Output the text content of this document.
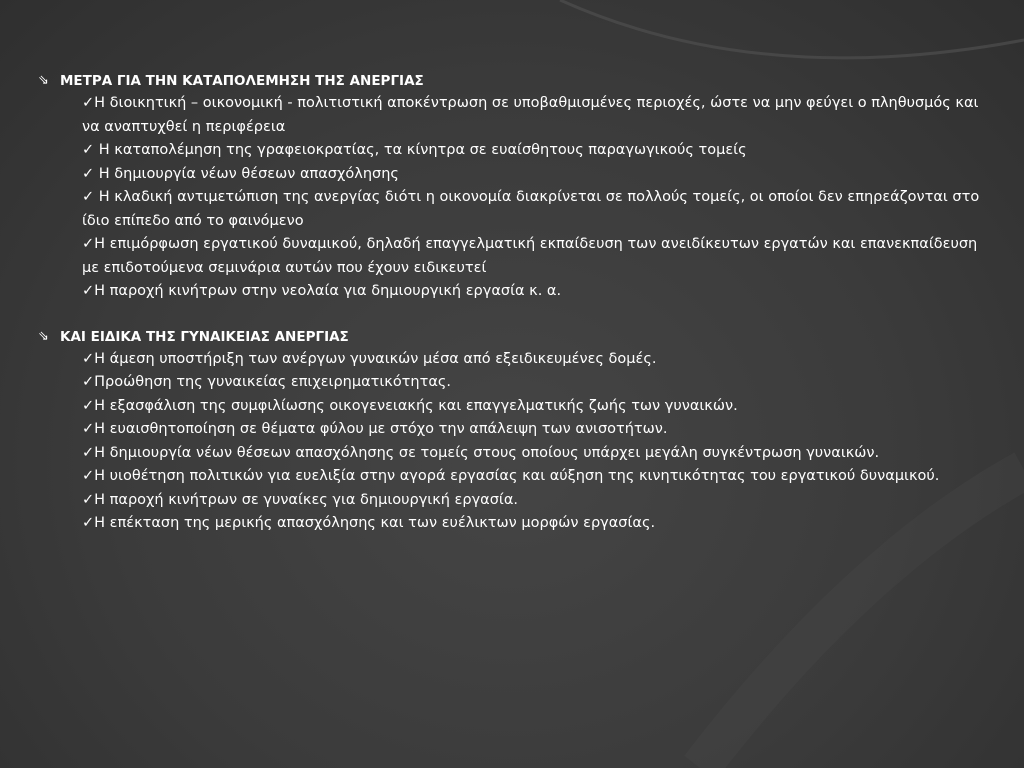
⇘ ΜΕΤΡΑ ΓΙΑ ΤΗΝ ΚΑΤΑΠΟΛΕΜΗΣΗ ΤΗΣ ΑΝΕΡΓΙΑΣ
✓Η διοικητική – οικονομική - πολιτιστική αποκέντρωση σε υποβαθμισμένες περιοχές, ώστε να μην φεύγει ο πληθυσμός και να αναπτυχθεί η περιφέρεια
✓ Η καταπολέμηση της γραφειοκρατίας, τα κίνητρα σε ευαίσθητους παραγωγικούς τομείς
✓ Η δημιουργία νέων θέσεων απασχόλησης
✓ Η κλαδική αντιμετώπιση της ανεργίας διότι η οικονομία διακρίνεται σε πολλούς τομείς, οι οποίοι δεν επηρεάζονται στο ίδιο επίπεδο από το φαινόμενο
✓Η επιμόρφωση εργατικού δυναμικού, δηλαδή επαγγελματική εκπαίδευση των ανειδίκευτων εργατών και επανεκπαίδευση με επιδοτούμενα σεμινάρια αυτών που έχουν ειδικευτεί
✓Η παροχή κινήτρων στην νεολαία για δημιουργική εργασία κ. α.
⇘ ΚΑΙ ΕΙΔΙΚΑ ΤΗΣ ΓΥΝΑΙΚΕΙΑΣ ΑΝΕΡΓΙΑΣ
✓Η άμεση υποστήριξη των ανέργων γυναικών μέσα από εξειδικευμένες δομές.
✓Προώθηση της γυναικείας επιχειρηματικότητας.
✓Η εξασφάλιση της συμφιλίωσης οικογενειακής και επαγγελματικής ζωής των γυναικών.
✓Η ευαισθητοποίηση σε θέματα φύλου με στόχο την απάλειψη των ανισοτήτων.
✓Η δημιουργία νέων θέσεων απασχόλησης σε τομείς στους οποίους υπάρχει μεγάλη συγκέντρωση γυναικών.
✓Η υιοθέτηση πολιτικών για ευελιξία στην αγορά εργασίας και αύξηση της κινητικότητας του εργατικού δυναμικού.
✓Η παροχή κινήτρων σε γυναίκες για δημιουργική εργασία.
✓Η επέκταση της μερικής απασχόλησης και των ευέλικτων μορφών εργασίας.
